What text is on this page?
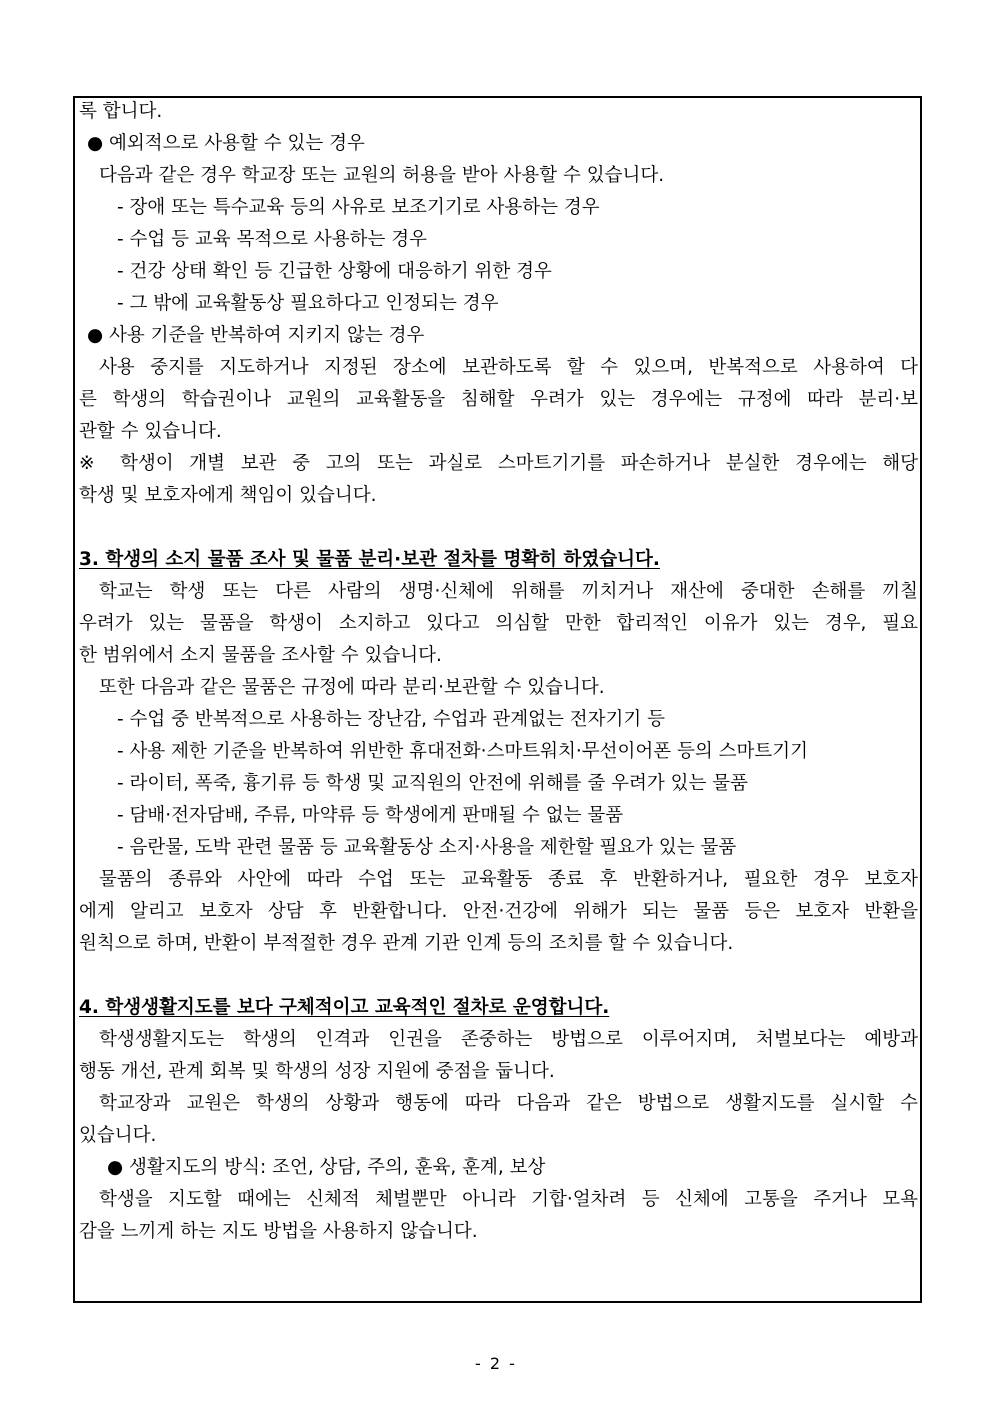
록 합니다.
● 예외적으로 사용할 수 있는 경우
다음과 같은 경우 학교장 또는 교원의 허용을 받아 사용할 수 있습니다.
- 장애 또는 특수교육 등의 사유로 보조기기로 사용하는 경우
- 수업 등 교육 목적으로 사용하는 경우
- 건강 상태 확인 등 긴급한 상황에 대응하기 위한 경우
- 그 밖에 교육활동상 필요하다고 인정되는 경우
● 사용 기준을 반복하여 지키지 않는 경우
사용 중지를 지도하거나 지정된 장소에 보관하도록 할 수 있으며, 반복적으로 사용하여 다
른 학생의 학습권이나 교원의 교육활동을 침해할 우려가 있는 경우에는 규정에 따라 분리·보
관할 수 있습니다.
※ 학생이 개별 보관 중 고의 또는 과실로 스마트기기를 파손하거나 분실한 경우에는 해당
학생 및 보호자에게 책임이 있습니다.
3. 학생의 소지 물품 조사 및 물품 분리·보관 절차를 명확히 하였습니다.
학교는 학생 또는 다른 사람의 생명·신체에 위해를 끼치거나 재산에 중대한 손해를 끼칠
우려가 있는 물품을 학생이 소지하고 있다고 의심할 만한 합리적인 이유가 있는 경우, 필요
한 범위에서 소지 물품을 조사할 수 있습니다.
또한 다음과 같은 물품은 규정에 따라 분리·보관할 수 있습니다.
- 수업 중 반복적으로 사용하는 장난감, 수업과 관계없는 전자기기 등
- 사용 제한 기준을 반복하여 위반한 휴대전화·스마트워치·무선이어폰 등의 스마트기기
- 라이터, 폭죽, 흉기류 등 학생 및 교직원의 안전에 위해를 줄 우려가 있는 물품
- 담배·전자담배, 주류, 마약류 등 학생에게 판매될 수 없는 물품
- 음란물, 도박 관련 물품 등 교육활동상 소지·사용을 제한할 필요가 있는 물품
물품의 종류와 사안에 따라 수업 또는 교육활동 종료 후 반환하거나, 필요한 경우 보호자
에게 알리고 보호자 상담 후 반환합니다. 안전·건강에 위해가 되는 물품 등은 보호자 반환을
원칙으로 하며, 반환이 부적절한 경우 관계 기관 인계 등의 조치를 할 수 있습니다.
4. 학생생활지도를 보다 구체적이고 교육적인 절차로 운영합니다.
학생생활지도는 학생의 인격과 인권을 존중하는 방법으로 이루어지며, 처벌보다는 예방과
행동 개선, 관계 회복 및 학생의 성장 지원에 중점을 둡니다.
학교장과 교원은 학생의 상황과 행동에 따라 다음과 같은 방법으로 생활지도를 실시할 수
있습니다.
● 생활지도의 방식: 조언, 상담, 주의, 훈육, 훈계, 보상
학생을 지도할 때에는 신체적 체벌뿐만 아니라 기합·얼차려 등 신체에 고통을 주거나 모욕
감을 느끼게 하는 지도 방법을 사용하지 않습니다.
- 2 -
